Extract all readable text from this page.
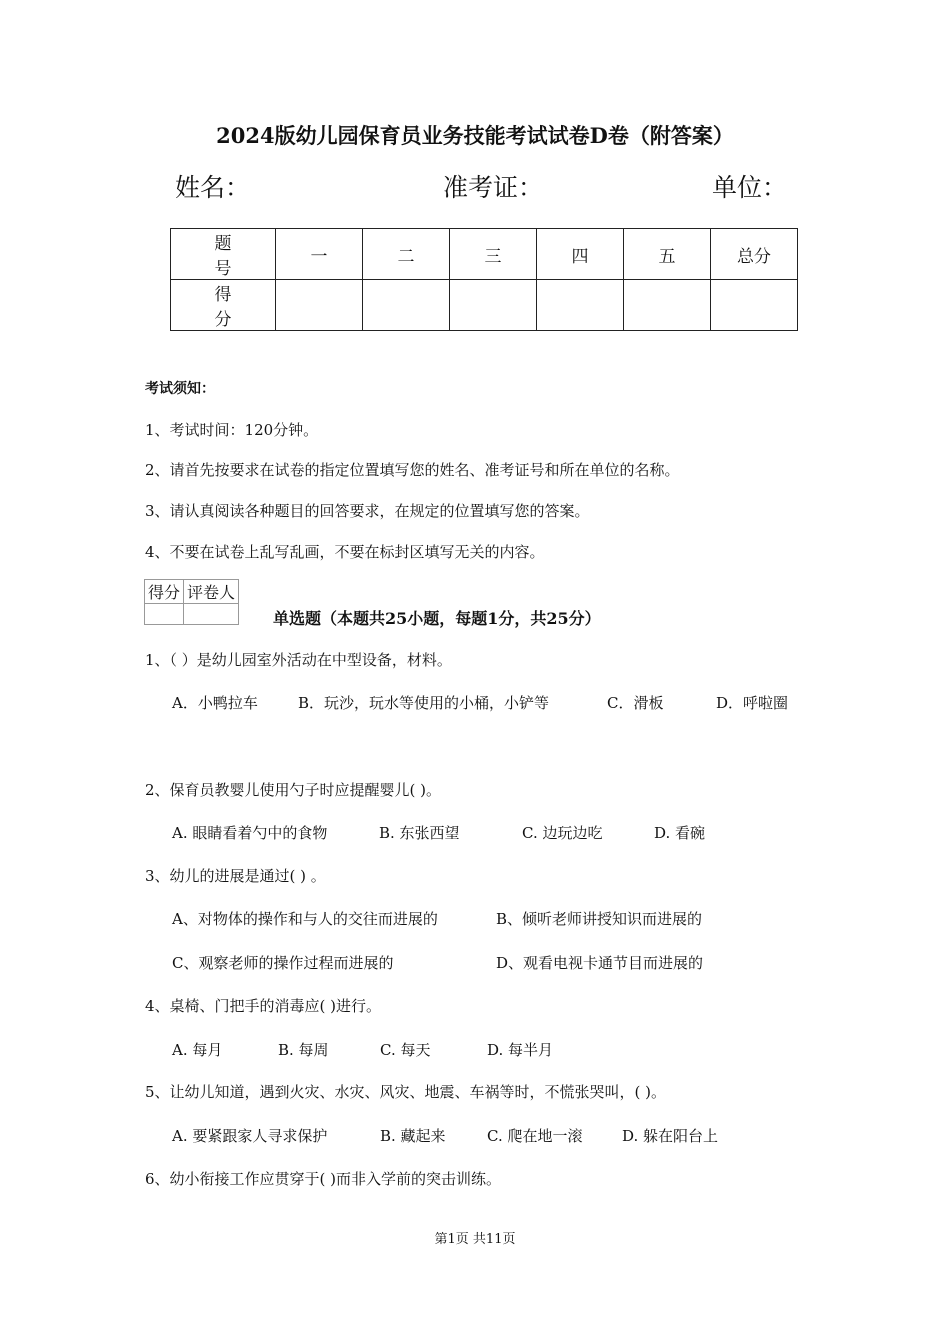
2024版幼儿园保育员业务技能考试试卷D卷（附答案）
姓名：	准考证：	单位：
题 号	一	二	三	四	五	总分
得 分						
考试须知：
1、考试时间：120分钟。
2、请首先按要求在试卷的指定位置填写您的姓名、准考证号和所在单位的名称。
3、请认真阅读各种题目的回答要求，在规定的位置填写您的答案。
4、不要在试卷上乱写乱画，不要在标封区填写无关的内容。
得分	评卷人

单选题（本题共25小题，每题1分，共25分）
1、（ ）是幼儿园室外活动在中型设备，材料。
A．小鸭拉车	B．玩沙，玩水等使用的小桶，小铲等	C．滑板	D．呼啦圈
2、保育员教婴儿使用勺子时应提醒婴儿( )。
A. 眼睛看着勺中的食物	B. 东张西望	C. 边玩边吃	D. 看碗
3、幼儿的进展是通过( ) 。
A、对物体的操作和与人的交往而进展的	B、倾听老师讲授知识而进展的
C、观察老师的操作过程而进展的	D、观看电视卡通节目而进展的
4、桌椅、门把手的消毒应( )进行。
A. 每月	B. 每周	C. 每天	D. 每半月
5、让幼儿知道，遇到火灾、水灾、风灾、地震、车祸等时，不慌张哭叫，( )。
A. 要紧跟家人寻求保护	B. 藏起来	C. 爬在地一滚	D. 躲在阳台上
6、幼小衔接工作应贯穿于( )而非入学前的突击训练。
第1页 共11页
